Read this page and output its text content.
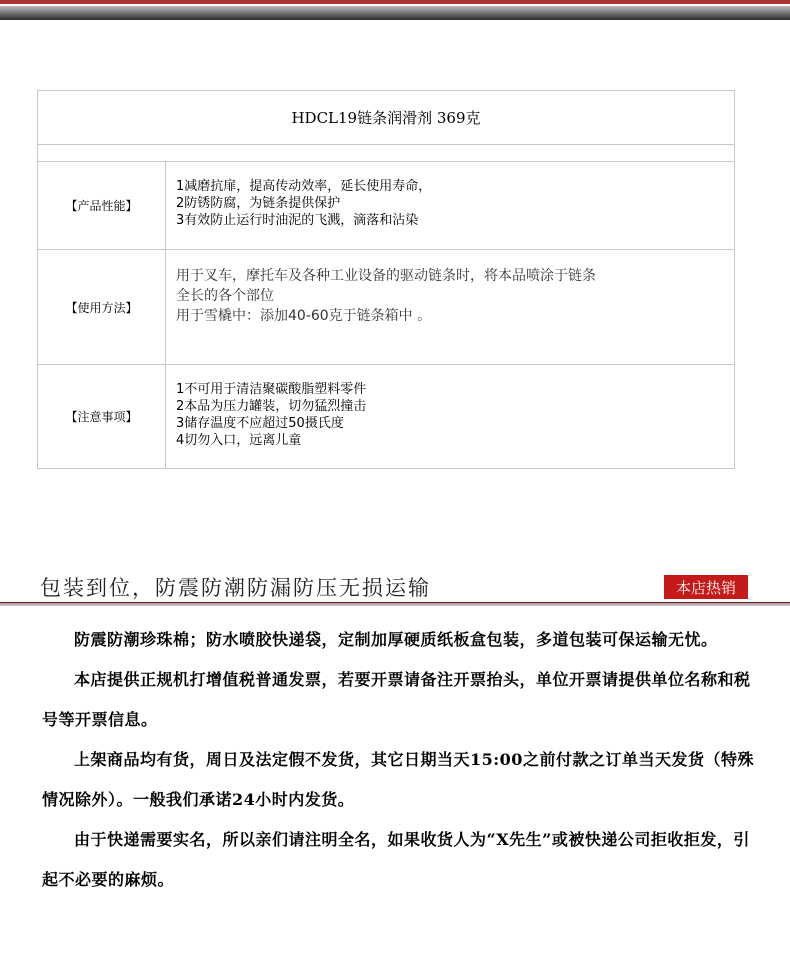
HDCL19链条润滑剂 369克
【产品性能】
1减磨抗扉，提高传动效率，延长使用寿命，
2防锈防腐，为链条提供保护
3有效防止运行时油泥的飞溅，滴落和沾染
【使用方法】
用于叉车，摩托车及各种工业设备的驱动链条时，将本品喷涂于链条
全长的各个部位
用于雪橇中：添加40-60克于链条箱中 。
【注意事项】
1不可用于清洁聚碳酸脂塑料零件
2本品为压力罐装，切勿猛烈撞击
3储存温度不应超过50摄氏度
4切勿入口，远离儿童
包装到位，防震防潮防漏防压无损运输	本店热销

防震防潮珍珠棉；防水喷胶快递袋，定制加厚硬质纸板盒包装，多道包装可保运输无忧。

本店提供正规机打增值税普通发票，若要开票请备注开票抬头，单位开票请提供单位名称和税号等开票信息。

上架商品均有货，周日及法定假不发货，其它日期当天15:00之前付款之订单当天发货（特殊情况除外）。一般我们承诺24小时内发货。

由于快递需要实名，所以亲们请注明全名，如果收货人为“X先生”或被快递公司拒收拒发，引起不必要的麻烦。
